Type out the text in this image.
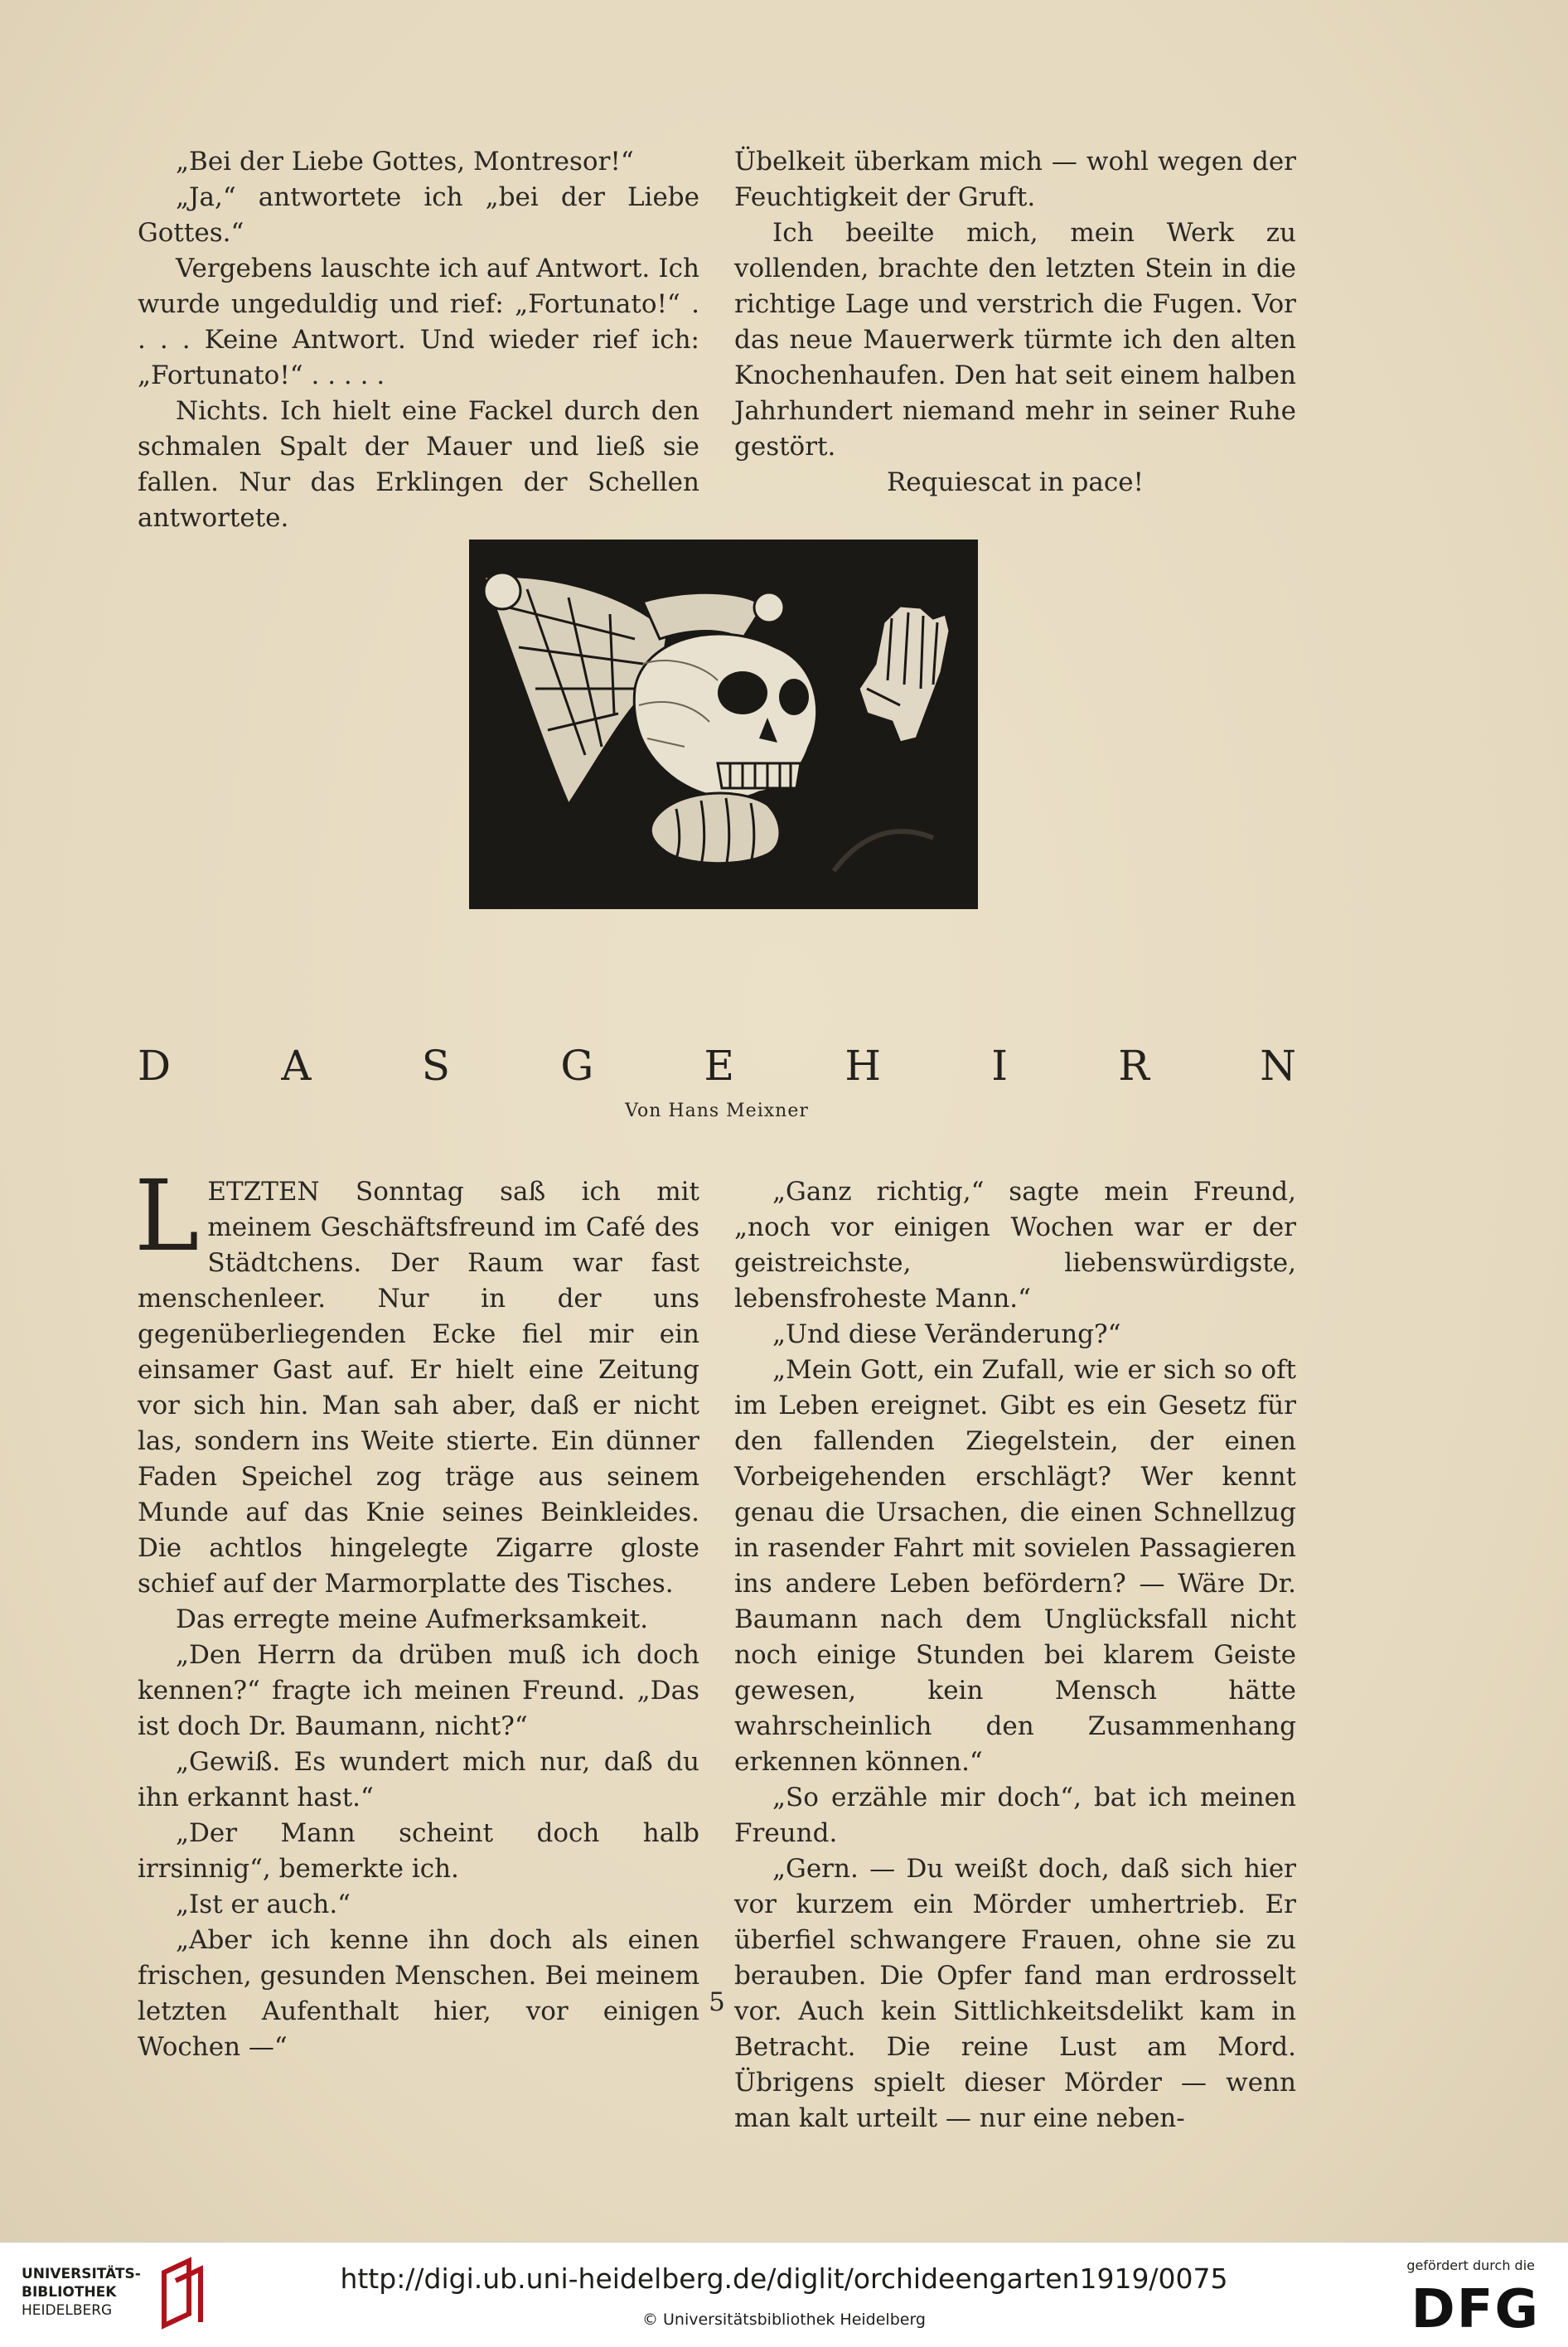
„Bei der Liebe Gottes, Montresor!“

„Ja,“ antwortete ich „bei der Liebe Gottes.“

Vergebens lauschte ich auf Antwort. Ich wurde ungeduldig und rief: „Fortunato!“ . . . . Keine Antwort. Und wieder rief ich: „Fortunato!“ . . . . .

Nichts. Ich hielt eine Fackel durch den schmalen Spalt der Mauer und ließ sie fallen. Nur das Erklingen der Schellen antwortete.

Übelkeit überkam mich — wohl wegen der Feuchtigkeit der Gruft.

Ich beeilte mich, mein Werk zu vollenden, brachte den letzten Stein in die richtige Lage und verstrich die Fugen. Vor das neue Mauerwerk türmte ich den alten Knochenhaufen. Den hat seit einem halben Jahrhundert niemand mehr in seiner Ruhe gestört.

Requiescat in pace!

D	A	S	G	E	H	I	R	N
Von Hans Meixner

LETZTEN Sonntag saß ich mit meinem Geschäftsfreund im Café des Städtchens. Der Raum war fast menschenleer. Nur in der uns gegenüberliegenden Ecke fiel mir ein einsamer Gast auf. Er hielt eine Zeitung vor sich hin. Man sah aber, daß er nicht las, sondern ins Weite stierte. Ein dünner Faden Speichel zog träge aus seinem Munde auf das Knie seines Beinkleides. Die achtlos hingelegte Zigarre gloste schief auf der Marmorplatte des Tisches.

Das erregte meine Aufmerksamkeit.

„Den Herrn da drüben muß ich doch kennen?“ fragte ich meinen Freund. „Das ist doch Dr. Baumann, nicht?“

„Gewiß. Es wundert mich nur, daß du ihn erkannt hast.“

„Der Mann scheint doch halb irrsinnig“, bemerkte ich.

„Ist er auch.“

„Aber ich kenne ihn doch als einen frischen, gesunden Menschen. Bei meinem letzten Aufenthalt hier, vor einigen Wochen —“

„Ganz richtig,“ sagte mein Freund, „noch vor einigen Wochen war er der geistreichste, liebenswürdigste, lebensfroheste Mann.“

„Und diese Veränderung?“

„Mein Gott, ein Zufall, wie er sich so oft im Leben ereignet. Gibt es ein Gesetz für den fallenden Ziegelstein, der einen Vorbeigehenden erschlägt? Wer kennt genau die Ursachen, die einen Schnellzug in rasender Fahrt mit sovielen Passagieren ins andere Leben befördern? — Wäre Dr. Baumann nach dem Unglücksfall nicht noch einige Stunden bei klarem Geiste gewesen, kein Mensch hätte wahrscheinlich den Zusammenhang erkennen können.“

„So erzähle mir doch“, bat ich meinen Freund.

„Gern. — Du weißt doch, daß sich hier vor kurzem ein Mörder umhertrieb. Er überfiel schwangere Frauen, ohne sie zu berauben. Die Opfer fand man erdrosselt vor. Auch kein Sittlichkeitsdelikt kam in Betracht. Die reine Lust am Mord. Übrigens spielt dieser Mörder — wenn man kalt urteilt — nur eine neben-

5
UNIVERSITÄTS-
BIBLIOTHEK
HEIDELBERG
http://digi.ub.uni-heidelberg.de/diglit/orchideengarten1919/0075
© Universitätsbibliothek Heidelberg
gefördert durch die
DFG
